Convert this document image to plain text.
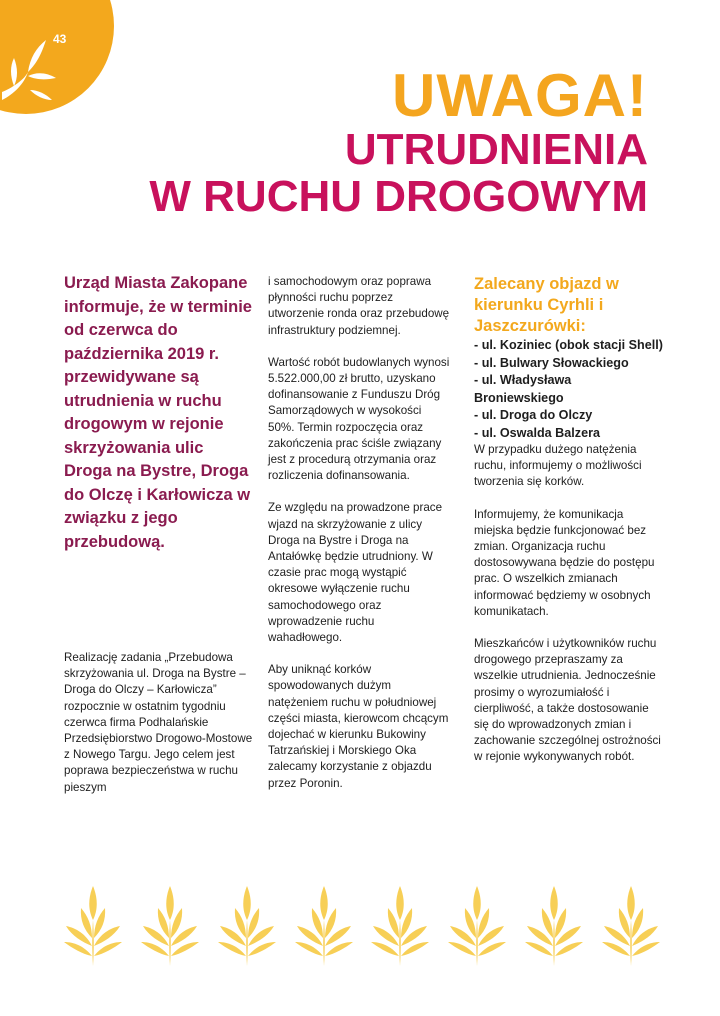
43
UWAGA!
UTRUDNIENIA
W RUCHU DROGOWYM

Urząd Miasta Zakopane informuje, że w terminie od czerwca do października 2019 r. przewidywane są utrudnienia w ruchu drogowym w rejonie skrzyżowania ulic Droga na Bystre, Droga do Olczę i Karłowicza w związku z jego przebudową.

Realizację zadania „Przebudowa skrzyżowania ul. Droga na Bystre – Droga do Olczy – Karłowicza” rozpocznie w ostatnim tygodniu czerwca firma Podhalańskie Przedsiębiorstwo Drogowo-Mostowe z Nowego Targu. Jego celem jest poprawa bezpieczeństwa w ruchu pieszym

i samochodowym oraz poprawa płynności ruchu poprzez utworzenie ronda oraz przebudowę infrastruktury podziemnej.

Wartość robót budowlanych wynosi 5.522.000,00 zł brutto, uzyskano dofinansowanie z Funduszu Dróg Samorządowych w wysokości 50%. Termin rozpoczęcia oraz zakończenia prac ściśle związany jest z procedurą otrzymania oraz rozliczenia dofinansowania.

Ze względu na prowadzone prace wjazd na skrzyżowanie z ulicy Droga na Bystre i Droga na Antałówkę będzie utrudniony. W czasie prac mogą wystąpić okresowe wyłączenie ruchu samochodowego oraz wprowadzenie ruchu wahadłowego.

Aby uniknąć korków spowodowanych dużym natężeniem ruchu w południowej części miasta, kierowcom chcącym dojechać w kierunku Bukowiny Tatrzańskiej i Morskiego Oka zalecamy korzystanie z objazdu przez Poronin.

Zalecany objazd w kierunku Cyrhli i Jaszczurówki:
- ul. Koziniec (obok stacji Shell)
- ul. Bulwary Słowackiego
- ul. Władysława Broniewskiego
- ul. Droga do Olczy
- ul. Oswalda Balzera

W przypadku dużego natężenia ruchu, informujemy o możliwości tworzenia się korków.

Informujemy, że komunikacja miejska będzie funkcjonować bez zmian. Organizacja ruchu dostosowywana będzie do postępu prac. O wszelkich zmianach informować będziemy w osobnych komunikatach.

Mieszkańców i użytkowników ruchu drogowego przepraszamy za wszelkie utrudnienia. Jednocześnie prosimy o wyrozumiałość i cierpliwość, a także dostosowanie się do wprowadzonych zmian i zachowanie szczególnej ostrożności w rejonie wykonywanych robót.
